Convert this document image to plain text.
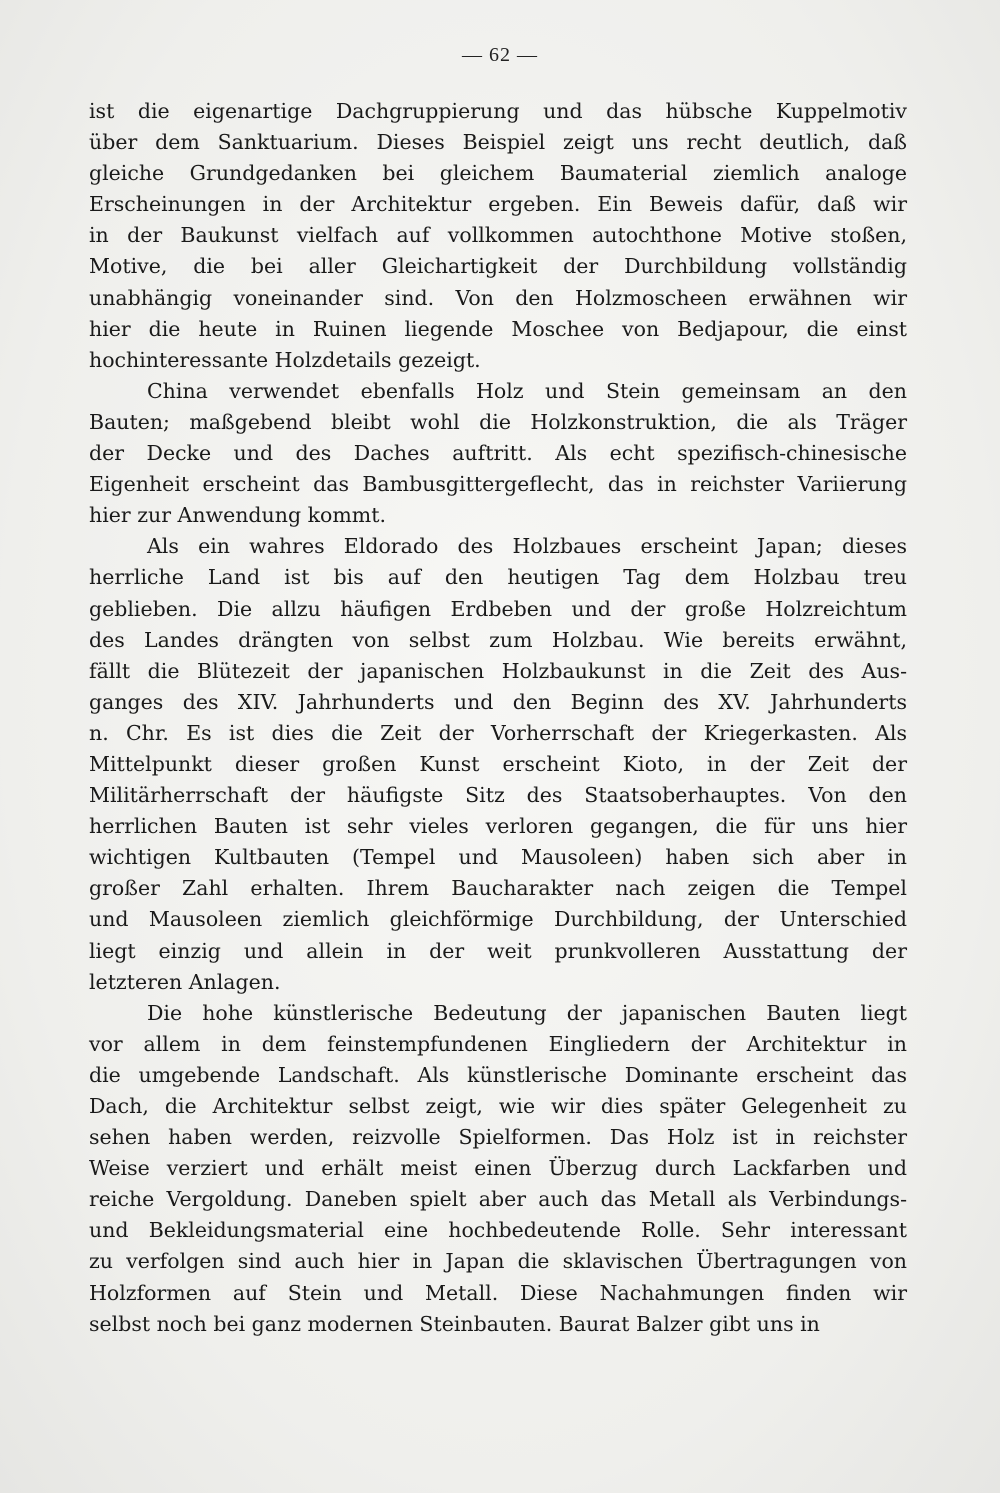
— 62 —
ist die eigenartige Dachgruppierung und das hübsche Kuppelmotiv
über dem Sanktuarium. Dieses Beispiel zeigt uns recht deutlich, daß
gleiche Grundgedanken bei gleichem Baumaterial ziemlich analoge
Erscheinungen in der Architektur ergeben. Ein Beweis dafür, daß wir
in der Baukunst vielfach auf vollkommen autochthone Motive stoßen,
Motive, die bei aller Gleichartigkeit der Durchbildung vollständig
unabhängig voneinander sind. Von den Holzmoscheen erwähnen wir
hier die heute in Ruinen liegende Moschee von Bedjapour, die einst
hochinteressante Holzdetails gezeigt.
China verwendet ebenfalls Holz und Stein gemeinsam an den
Bauten; maßgebend bleibt wohl die Holzkonstruktion, die als Träger
der Decke und des Daches auftritt. Als echt spezifisch-chinesische
Eigenheit erscheint das Bambusgittergeflecht, das in reichster Variierung
hier zur Anwendung kommt.
Als ein wahres Eldorado des Holzbaues erscheint Japan; dieses
herrliche Land ist bis auf den heutigen Tag dem Holzbau treu
geblieben. Die allzu häufigen Erdbeben und der große Holzreichtum
des Landes drängten von selbst zum Holzbau. Wie bereits erwähnt,
fällt die Blütezeit der japanischen Holzbaukunst in die Zeit des Aus-
ganges des XIV. Jahrhunderts und den Beginn des XV. Jahrhunderts
n. Chr. Es ist dies die Zeit der Vorherrschaft der Kriegerkasten. Als
Mittelpunkt dieser großen Kunst erscheint Kioto, in der Zeit der
Militärherrschaft der häufigste Sitz des Staatsoberhauptes. Von den
herrlichen Bauten ist sehr vieles verloren gegangen, die für uns hier
wichtigen Kultbauten (Tempel und Mausoleen) haben sich aber in
großer Zahl erhalten. Ihrem Baucharakter nach zeigen die Tempel
und Mausoleen ziemlich gleichförmige Durchbildung, der Unterschied
liegt einzig und allein in der weit prunkvolleren Ausstattung der
letzteren Anlagen.
Die hohe künstlerische Bedeutung der japanischen Bauten liegt
vor allem in dem feinstempfundenen Eingliedern der Architektur in
die umgebende Landschaft. Als künstlerische Dominante erscheint das
Dach, die Architektur selbst zeigt, wie wir dies später Gelegenheit zu
sehen haben werden, reizvolle Spielformen. Das Holz ist in reichster
Weise verziert und erhält meist einen Überzug durch Lackfarben und
reiche Vergoldung. Daneben spielt aber auch das Metall als Verbindungs-
und Bekleidungsmaterial eine hochbedeutende Rolle. Sehr interessant
zu verfolgen sind auch hier in Japan die sklavischen Übertragungen von
Holzformen auf Stein und Metall. Diese Nachahmungen finden wir
selbst noch bei ganz modernen Steinbauten. Baurat Balzer gibt uns in
